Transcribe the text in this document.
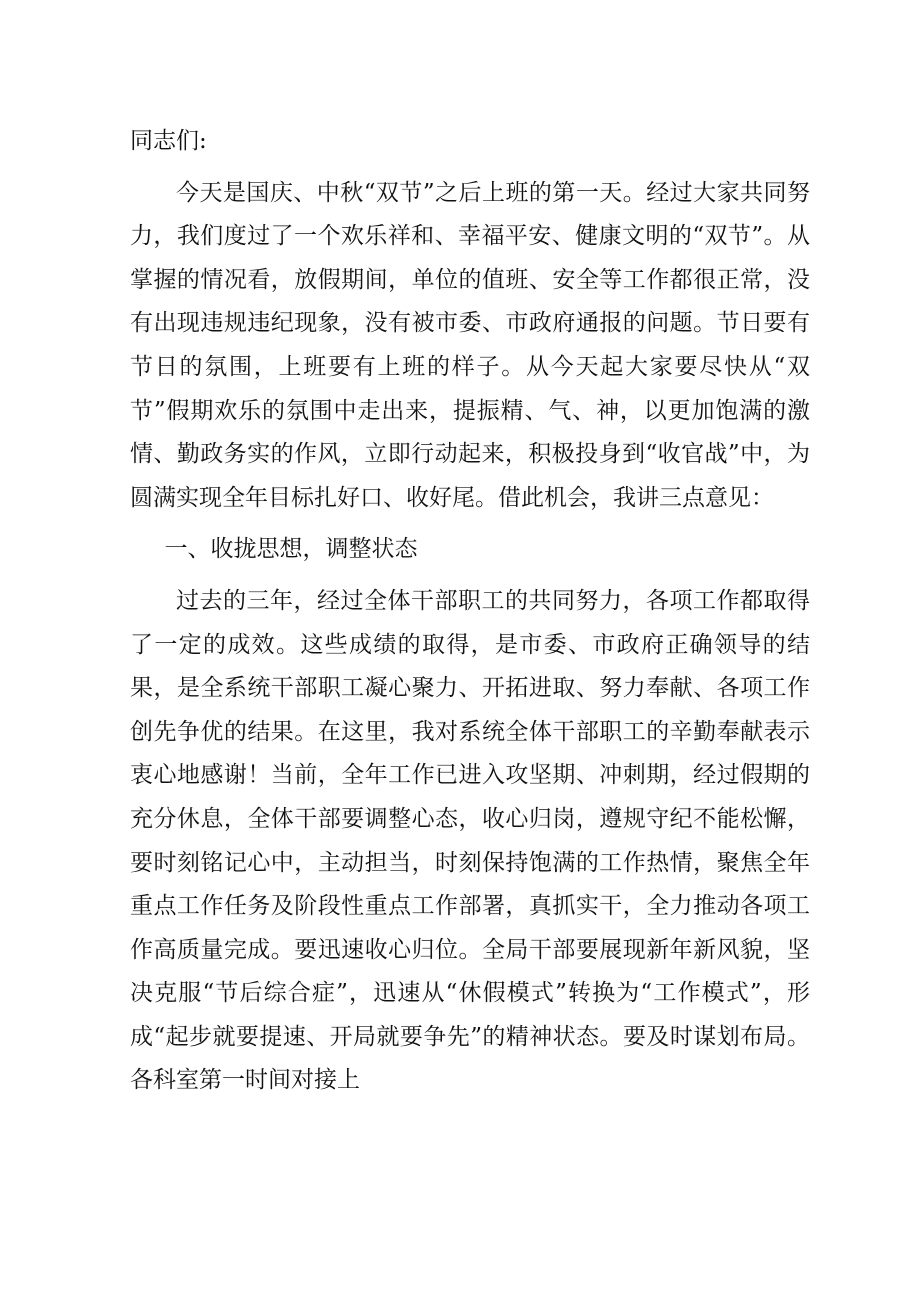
同志们:

今天是国庆、中秋“双节”之后上班的第一天。经过大家共同努力，我们度过了一个欢乐祥和、幸福平安、健康文明的“双节”。从掌握的情况看，放假期间，单位的值班、安全等工作都很正常，没有出现违规违纪现象，没有被市委、市政府通报的问题。节日要有节日的氛围，上班要有上班的样子。从今天起大家要尽快从“双节”假期欢乐的氛围中走出来，提振精、气、神，以更加饱满的激情、勤政务实的作风，立即行动起来，积极投身到“收官战”中，为圆满实现全年目标扎好口、收好尾。借此机会，我讲三点意见：

一、收拢思想，调整状态

过去的三年，经过全体干部职工的共同努力，各项工作都取得了一定的成效。这些成绩的取得，是市委、市政府正确领导的结果，是全系统干部职工凝心聚力、开拓进取、努力奉献、各项工作创先争优的结果。在这里，我对系统全体干部职工的辛勤奉献表示衷心地感谢！当前，全年工作已进入攻坚期、冲刺期，经过假期的充分休息，全体干部要调整心态，收心归岗，遵规守纪不能松懈，要时刻铭记心中，主动担当，时刻保持饱满的工作热情，聚焦全年重点工作任务及阶段性重点工作部署，真抓实干，全力推动各项工作高质量完成。要迅速收心归位。全局干部要展现新年新风貌，坚决克服“节后综合症”，迅速从“休假模式”转换为“工作模式”，形成“起步就要提速、开局就要争先”的精神状态。要及时谋划布局。各科室第一时间对接上
